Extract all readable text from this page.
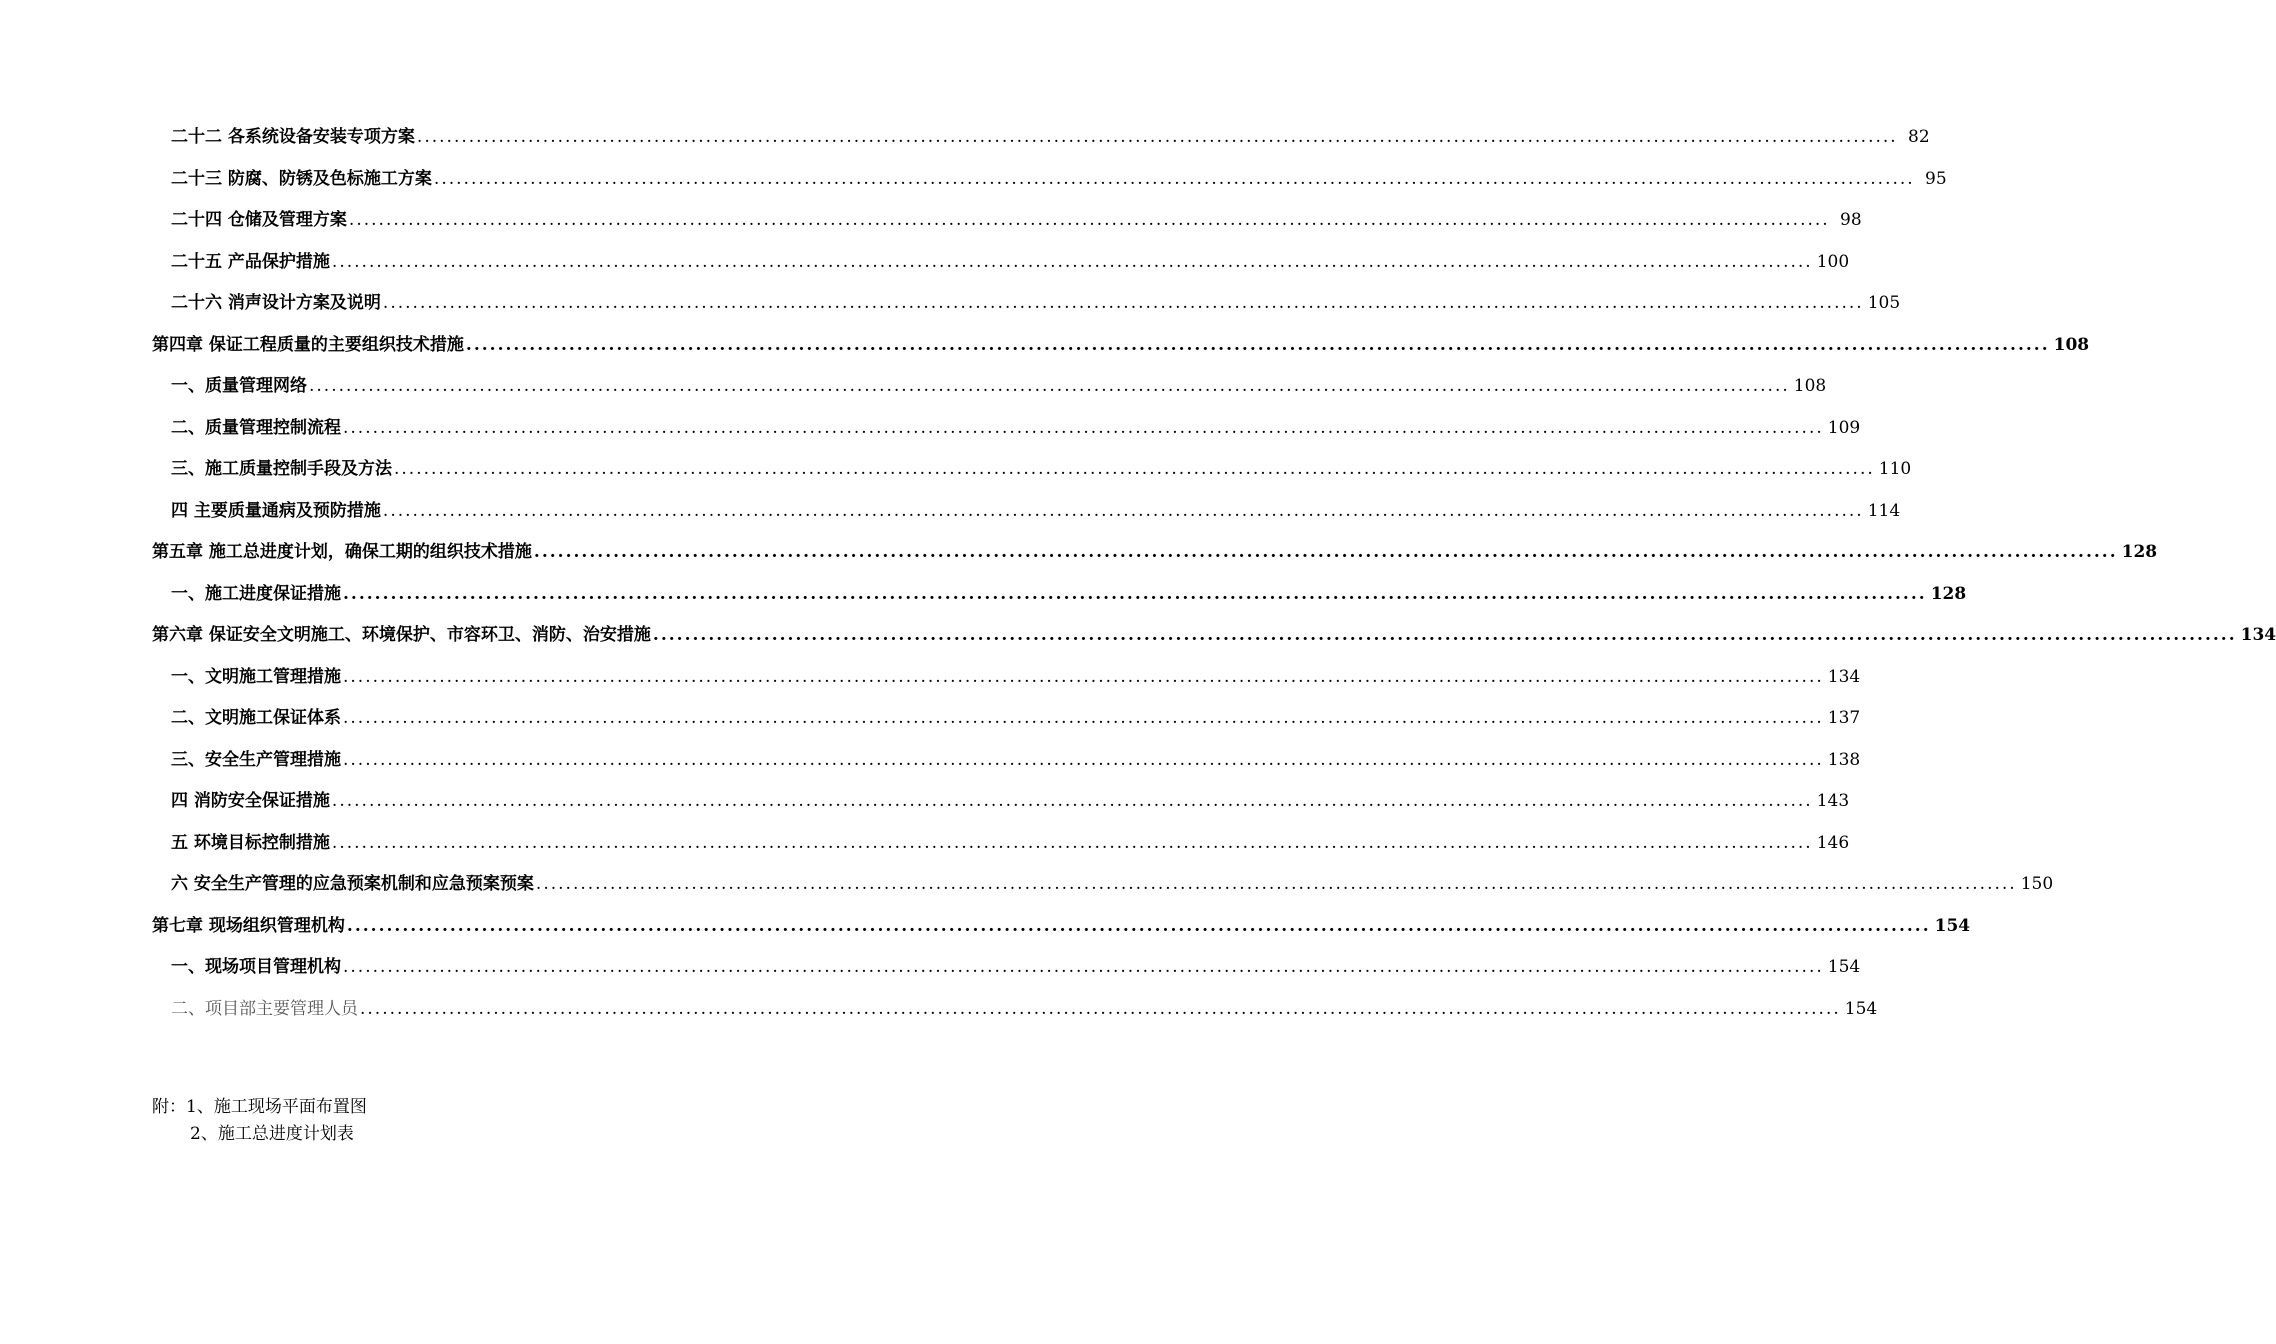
二十二 各系统设备安装专项方案 ........................................................................................................................................................................................................ 82
二十三 防腐、防锈及色标施工方案 ........................................................................................................................................................................................................ 95
二十四 仓储及管理方案 ........................................................................................................................................................................................................ 98
二十五 产品保护措施 ........................................................................................................................................................................................................ 100
二十六 消声设计方案及说明 ........................................................................................................................................................................................................ 105
第四章 保证工程质量的主要组织技术措施 ........................................................................................................................................................................................................ 108
一、质量管理网络 ........................................................................................................................................................................................................ 108
二、质量管理控制流程 ........................................................................................................................................................................................................ 109
三、施工质量控制手段及方法 ........................................................................................................................................................................................................ 110
四 主要质量通病及预防措施 ........................................................................................................................................................................................................ 114
第五章 施工总进度计划，确保工期的组织技术措施 ........................................................................................................................................................................................................ 128
一、施工进度保证措施 ........................................................................................................................................................................................................ 128
第六章 保证安全文明施工、环境保护、市容环卫、消防、治安措施 ........................................................................................................................................................................................................ 134
一、文明施工管理措施 ........................................................................................................................................................................................................ 134
二、文明施工保证体系 ........................................................................................................................................................................................................ 137
三、安全生产管理措施 ........................................................................................................................................................................................................ 138
四 消防安全保证措施 ........................................................................................................................................................................................................ 143
五 环境目标控制措施 ........................................................................................................................................................................................................ 146
六 安全生产管理的应急预案机制和应急预案预案 ........................................................................................................................................................................................................ 150
第七章 现场组织管理机构 ........................................................................................................................................................................................................ 154
一、现场项目管理机构 ........................................................................................................................................................................................................ 154
二、项目部主要管理人员 ........................................................................................................................................................................................................ 154
附：1、施工现场平面布置图
2、施工总进度计划表
